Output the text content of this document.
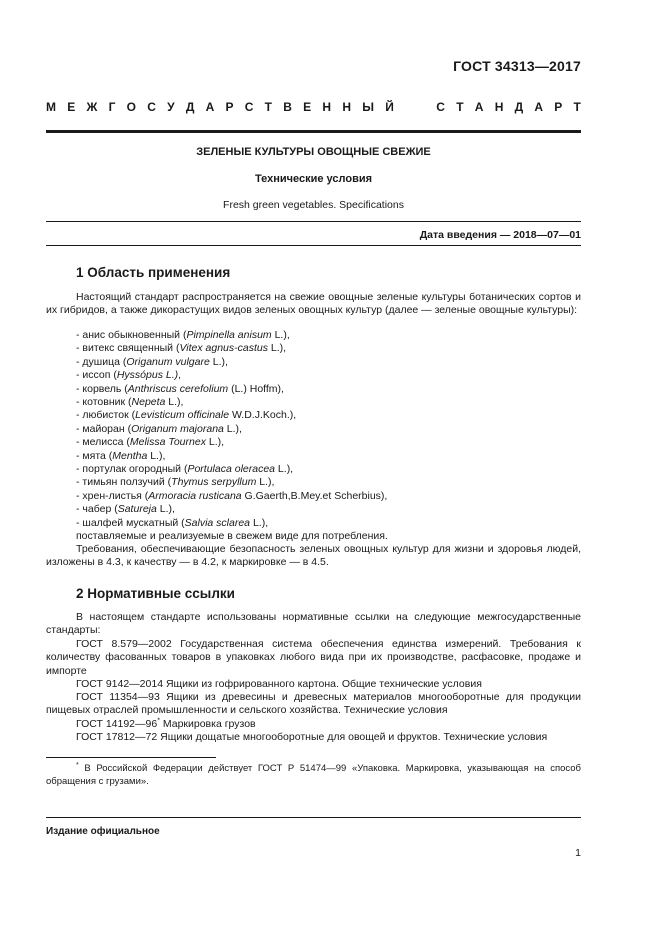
ГОСТ 34313—2017
М Е Ж Г О С У Д А Р С Т В Е Н Н Ы Й	С Т А Н Д А Р Т
ЗЕЛЕНЫЕ КУЛЬТУРЫ ОВОЩНЫЕ СВЕЖИЕ
Технические условия
Fresh green vegetables. Specifications
Дата введения — 2018—07—01
1 Область применения
Настоящий стандарт распространяется на свежие овощные зеленые культуры ботанических сортов и их гибридов, а также дикорастущих видов зеленых овощных культур (далее — зеленые овощные культуры):
- анис обыкновенный (Pimpinella anisum L.),
- витекс священный (Vitex agnus-castus L.),
- душица (Origanum vulgare L.),
- иссоп (Hyssópus L.),
- корвель (Anthriscus cerefolium (L.) Hoffm),
- котовник (Nepeta L.),
- любисток (Levisticum officinale W.D.J.Koch.),
- майоран (Origanum majorana L.),
- мелисса (Melissa Tournex L.),
- мята (Mentha L.),
- портулак огородный (Portulaca oleracea L.),
- тимьян ползучий (Thymus serpyllum L.),
- хрен-листья (Armoracia rusticana G.Gaerth,B.Mey.et Scherbius),
- чабер (Satureja L.),
- шалфей мускатный (Salvia sclarea L.),
поставляемые и реализуемые в свежем виде для потребления.
Требования, обеспечивающие безопасность зеленых овощных культур для жизни и здоровья людей, изложены в 4.3, к качеству — в 4.2, к маркировке — в 4.5.
2 Нормативные ссылки
В настоящем стандарте использованы нормативные ссылки на следующие межгосударственные стандарты:
ГОСТ 8.579—2002 Государственная система обеспечения единства измерений. Требования к количеству фасованных товаров в упаковках любого вида при их производстве, расфасовке, продаже и импорте
ГОСТ 9142—2014 Ящики из гофрированного картона. Общие технические условия
ГОСТ 11354—93 Ящики из древесины и древесных материалов многооборотные для продукции пищевых отраслей промышленности и сельского хозяйства. Технические условия
ГОСТ 14192—96* Маркировка грузов
ГОСТ 17812—72 Ящики дощатые многооборотные для овощей и фруктов. Технические условия
* В Российской Федерации действует ГОСТ Р 51474—99 «Упаковка. Маркировка, указывающая на способ обращения с грузами».
Издание официальное
1
